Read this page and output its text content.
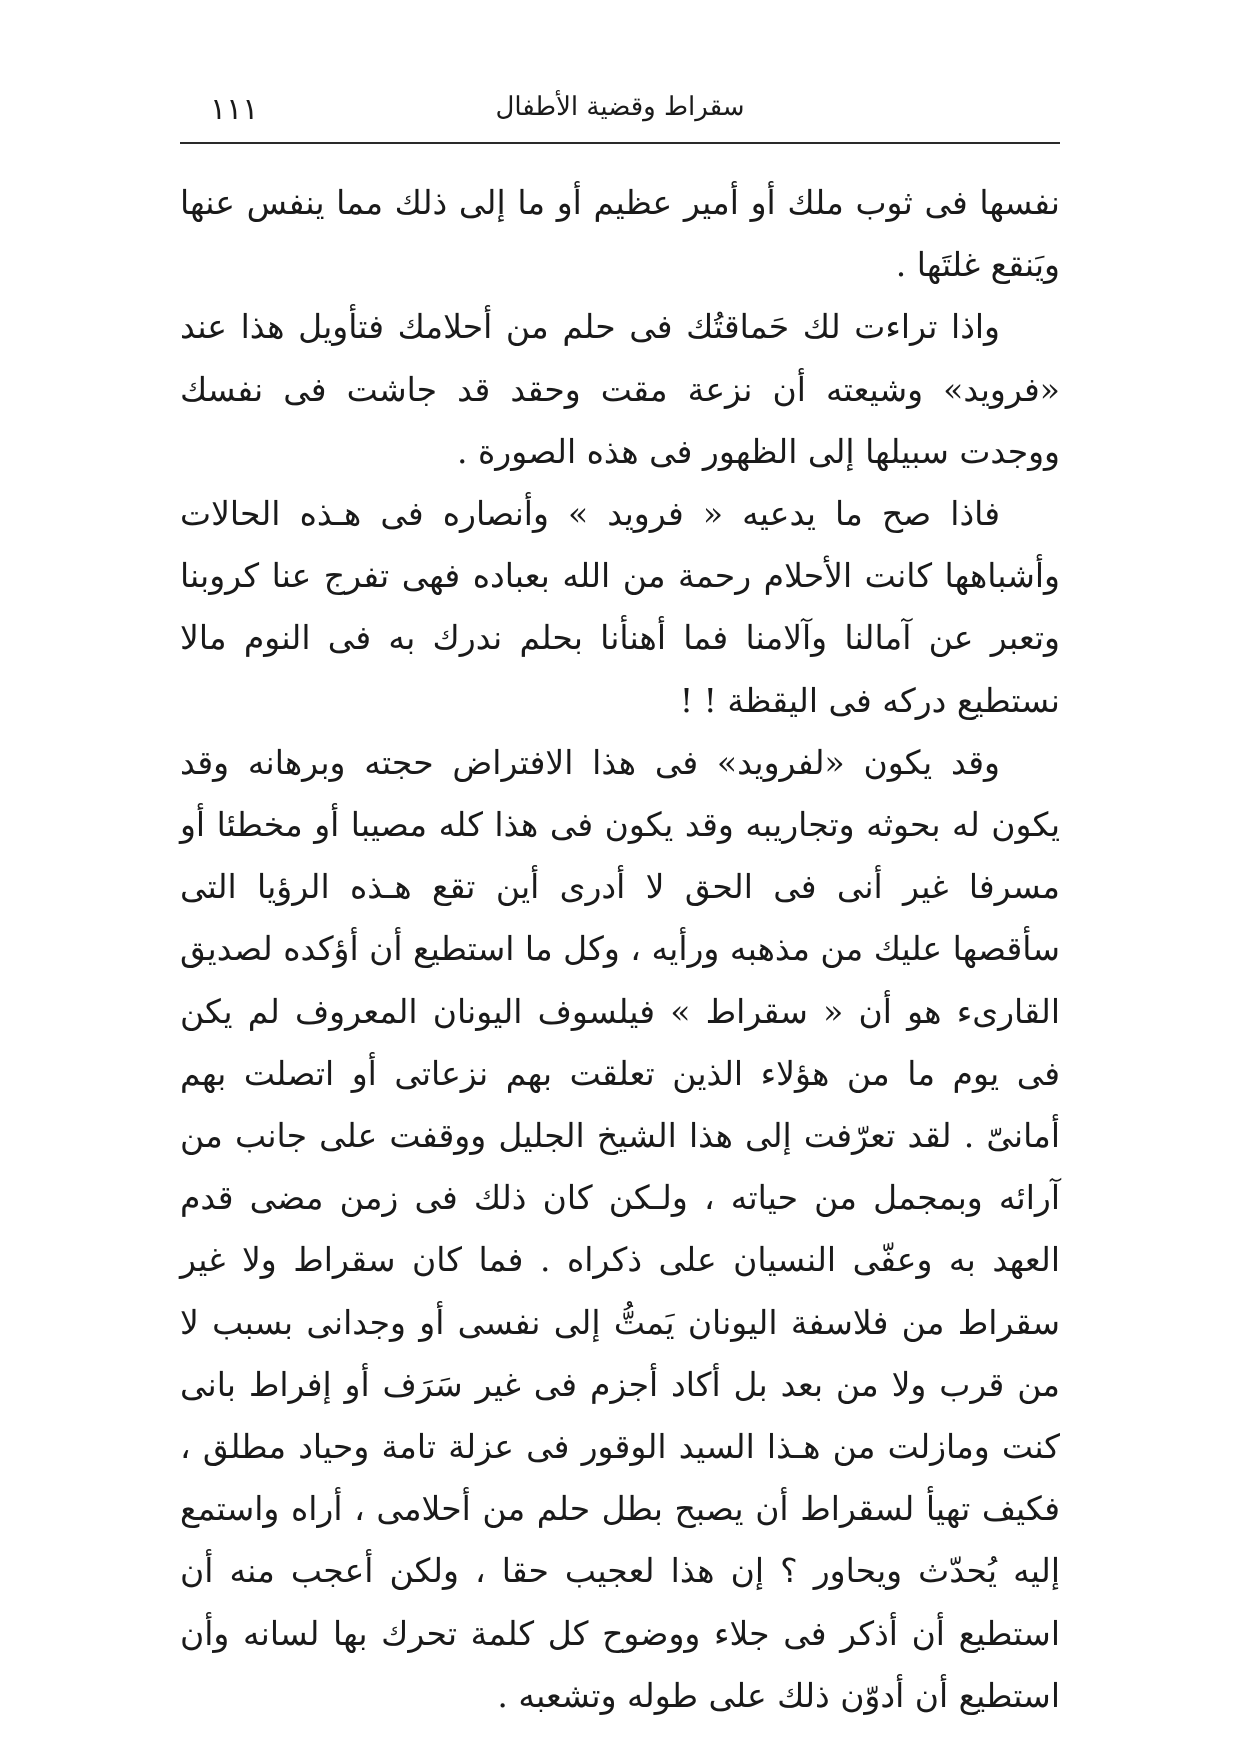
١١١	سقراط وقضية الأطفال

نفسها فى ثوب ملك أو أمير عظيم أو ما إلى ذلك مما ينفس عنها ويَنقع غلتَها .

واذا تراءت لك حَماقتُك فى حلم من أحلامك فتأويل هذا عند «فرويد» وشيعته أن نزعة مقت وحقد قد جاشت فى نفسك ووجدت سبيلها إلى الظهور فى هذه الصورة .

فاذا صح ما يدعيه « فرويد » وأنصاره فى هـذه الحالات وأشباهها كانت الأحلام رحمة من الله بعباده فهى تفرج عنا كروبنا وتعبر عن آمالنا وآلامنا فما أهنأنا بحلم ندرك به فى النوم مالا نستطيع دركه فى اليقظة ! !

وقد يكون «لفرويد» فى هذا الافتراض حجته وبرهانه وقد يكون له بحوثه وتجاريبه وقد يكون فى هذا كله مصيبا أو مخطئا أو مسرفا غير أنى فى الحق لا أدرى أين تقع هـذه الرؤيا التى سأقصها عليك من مذهبه ورأيه ، وكل ما استطيع أن أؤكده لصديق القارىء هو أن « سقراط » فيلسوف اليونان المعروف لم يكن فى يوم ما من هؤلاء الذين تعلقت بهم نزعاتى أو اتصلت بهم أمانىّ . لقد تعرّفت إلى هذا الشيخ الجليل ووقفت على جانب من آرائه وبمجمل من حياته ، ولـكن كان ذلك فى زمن مضى قدم العهد به وعفّى النسيان على ذكراه . فما كان سقراط ولا غير سقراط من فلاسفة اليونان يَمتُّ إلى نفسى أو وجدانى بسبب لا من قرب ولا من بعد بل أكاد أجزم فى غير سَرَف أو إفراط بانى كنت ومازلت من هـذا السيد الوقور فى عزلة تامة وحياد مطلق ، فكيف تهيأ لسقراط أن يصبح بطل حلم من أحلامى ، أراه واستمع إليه يُحدّث ويحاور ؟ إن هذا لعجيب حقا ، ولكن أعجب منه أن استطيع أن أذكر فى جلاء ووضوح كل كلمة تحرك بها لسانه وأن استطيع أن أدوّن ذلك على طوله وتشعبه .
